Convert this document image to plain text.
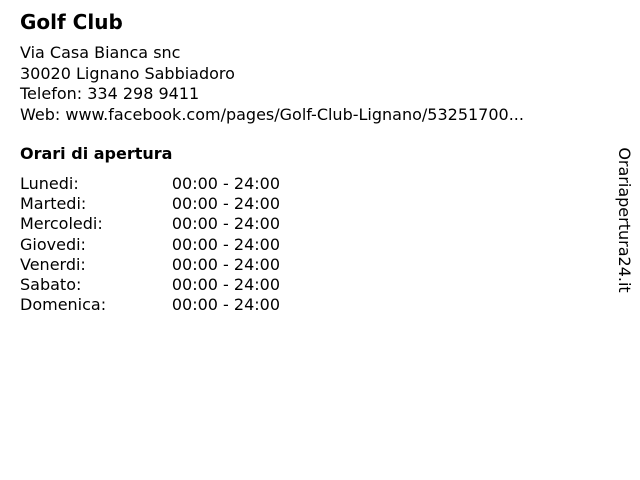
Golf Club
Via Casa Bianca snc
30020 Lignano Sabbiadoro
Telefon: 334 298 9411
Web: www.facebook.com/pages/Golf-Club-Lignano/53251700...
Orari di apertura
Lunedi:	00:00 - 24:00
Martedi:	00:00 - 24:00
Mercoledi:	00:00 - 24:00
Giovedi:	00:00 - 24:00
Venerdi:	00:00 - 24:00
Sabato:	00:00 - 24:00
Domenica:	00:00 - 24:00
Orariapertura24.it
